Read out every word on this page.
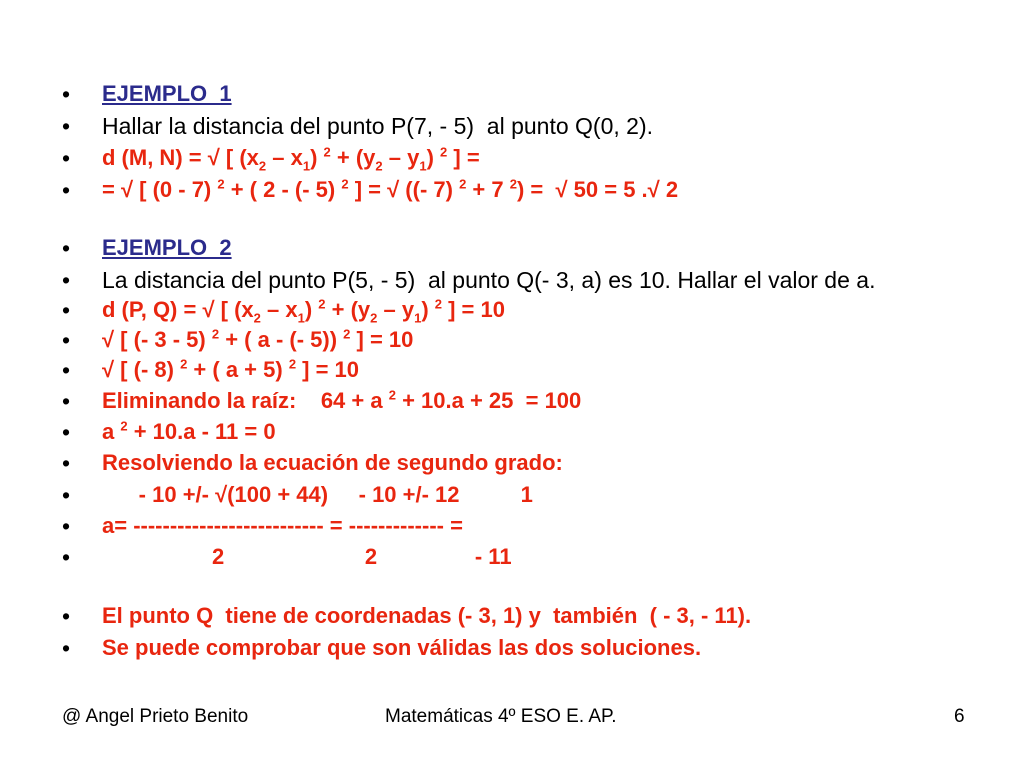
•

	EJEMPLO  1

•

	Hallar la distancia del punto P(7, - 5)  al punto Q(0, 2).

•

	d (M, N) = √ [ $(x_2 - x_1) ^2 + (y_2 - y_1)$ $^2$ ] =

•

	= √ [ (0 - 7) $^2$ + ( 2 - (- 5) $^2$ ] = √ ((- 7) $^2$ + 7 $^2$) =  √ 50 = 5 .√ 2

•

	EJEMPLO  2

•

	La distancia del punto P(5, - 5)  al punto Q(- 3, a) es 10. Hallar el valor de a.

•

	d (P, Q) = √ [ $(x_2 - x_1) ^2 + (y_2 - y_1)$ $^2$ ] = 10

•

	√ [ (- 3 - 5) $^2$ + ( a - (- 5)) $^2$ ] = 10

•

	√ [ (- 8) $^2$ + ( a + 5) $^2$ ] = 10

•

	Eliminando la raíz:    64 + a $^2$ + 10.a + 25  = 100

•

	a $^2$ + 10.a - 11 = 0

•

	Resolviendo la ecuación de segundo grado:

•

	- 10 +/- √(100 + 44)     - 10 +/- 12          1

•

	a= -------------------------- = ------------- =

•

	2                       2                - 11

•

	El punto Q  tiene de coordenadas (- 3, 1) y  también  ( - 3, - 11).

•

	Se puede comprobar que son válidas las dos soluciones.

@ Angel Prieto Benito	Matemáticas 4º ESO E. AP.	6
